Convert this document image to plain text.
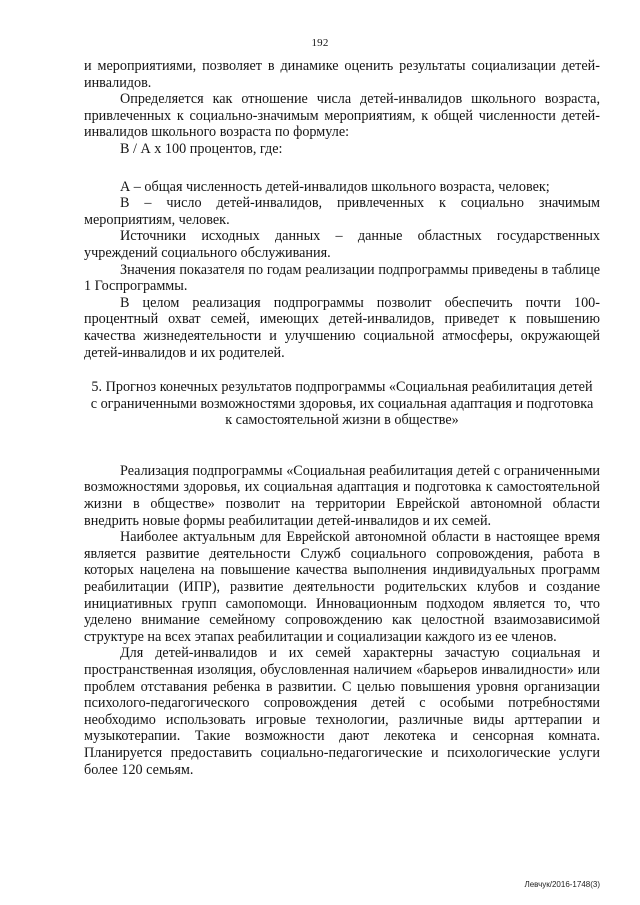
192

и мероприятиями, позволяет в динамике оценить результаты социализации детей-инвалидов.

Определяется как отношение числа детей-инвалидов школьного возраста, привлеченных к социально-значимым мероприятиям, к общей численности детей-инвалидов школьного возраста по формуле:

В / А х 100 процентов, где:

А – общая численность детей-инвалидов школьного возраста, человек;

В – число детей-инвалидов, привлеченных к социально значимым мероприятиям, человек.

Источники исходных данных – данные областных государственных учреждений социального обслуживания.

Значения показателя по годам реализации подпрограммы приведены в таблице 1 Госпрограммы.

В целом реализация подпрограммы позволит обеспечить почти 100-процентный охват семей, имеющих детей-инвалидов, приведет к повышению качества жизнедеятельности и улучшению социальной атмосферы, окружающей детей-инвалидов и их родителей.

5. Прогноз конечных результатов подпрограммы «Социальная реабилитация детей с ограниченными возможностями здоровья, их социальная адаптация и подготовка к самостоятельной жизни в обществе»

Реализация подпрограммы «Социальная реабилитация детей с ограниченными возможностями здоровья, их социальная адаптация и подготовка к самостоятельной жизни в обществе» позволит на территории Еврейской автономной области внедрить новые формы реабилитации детей-инвалидов и их семей.

Наиболее актуальным для Еврейской автономной области в настоящее время является развитие деятельности Служб социального сопровождения, работа в которых нацелена на повышение качества выполнения индивидуальных программ реабилитации (ИПР), развитие деятельности родительских клубов и создание инициативных групп самопомощи. Инновационным подходом является то, что уделено внимание семейному сопровождению как целостной взаимозависимой структуре на всех этапах реабилитации и социализации каждого из ее членов.

Для детей-инвалидов и их семей характерны зачастую социальная и пространственная изоляция, обусловленная наличием «барьеров инвалидности» или проблем отставания ребенка в развитии. С целью повышения уровня организации психолого-педагогического сопровождения детей с особыми потребностями необходимо использовать игровые технологии, различные виды арттерапии и музыкотерапии. Такие возможности дают лекотека и сенсорная комната. Планируется предоставить социально-педагогические и психологические услуги более 120 семьям.

Левчук/2016-1748(3)
